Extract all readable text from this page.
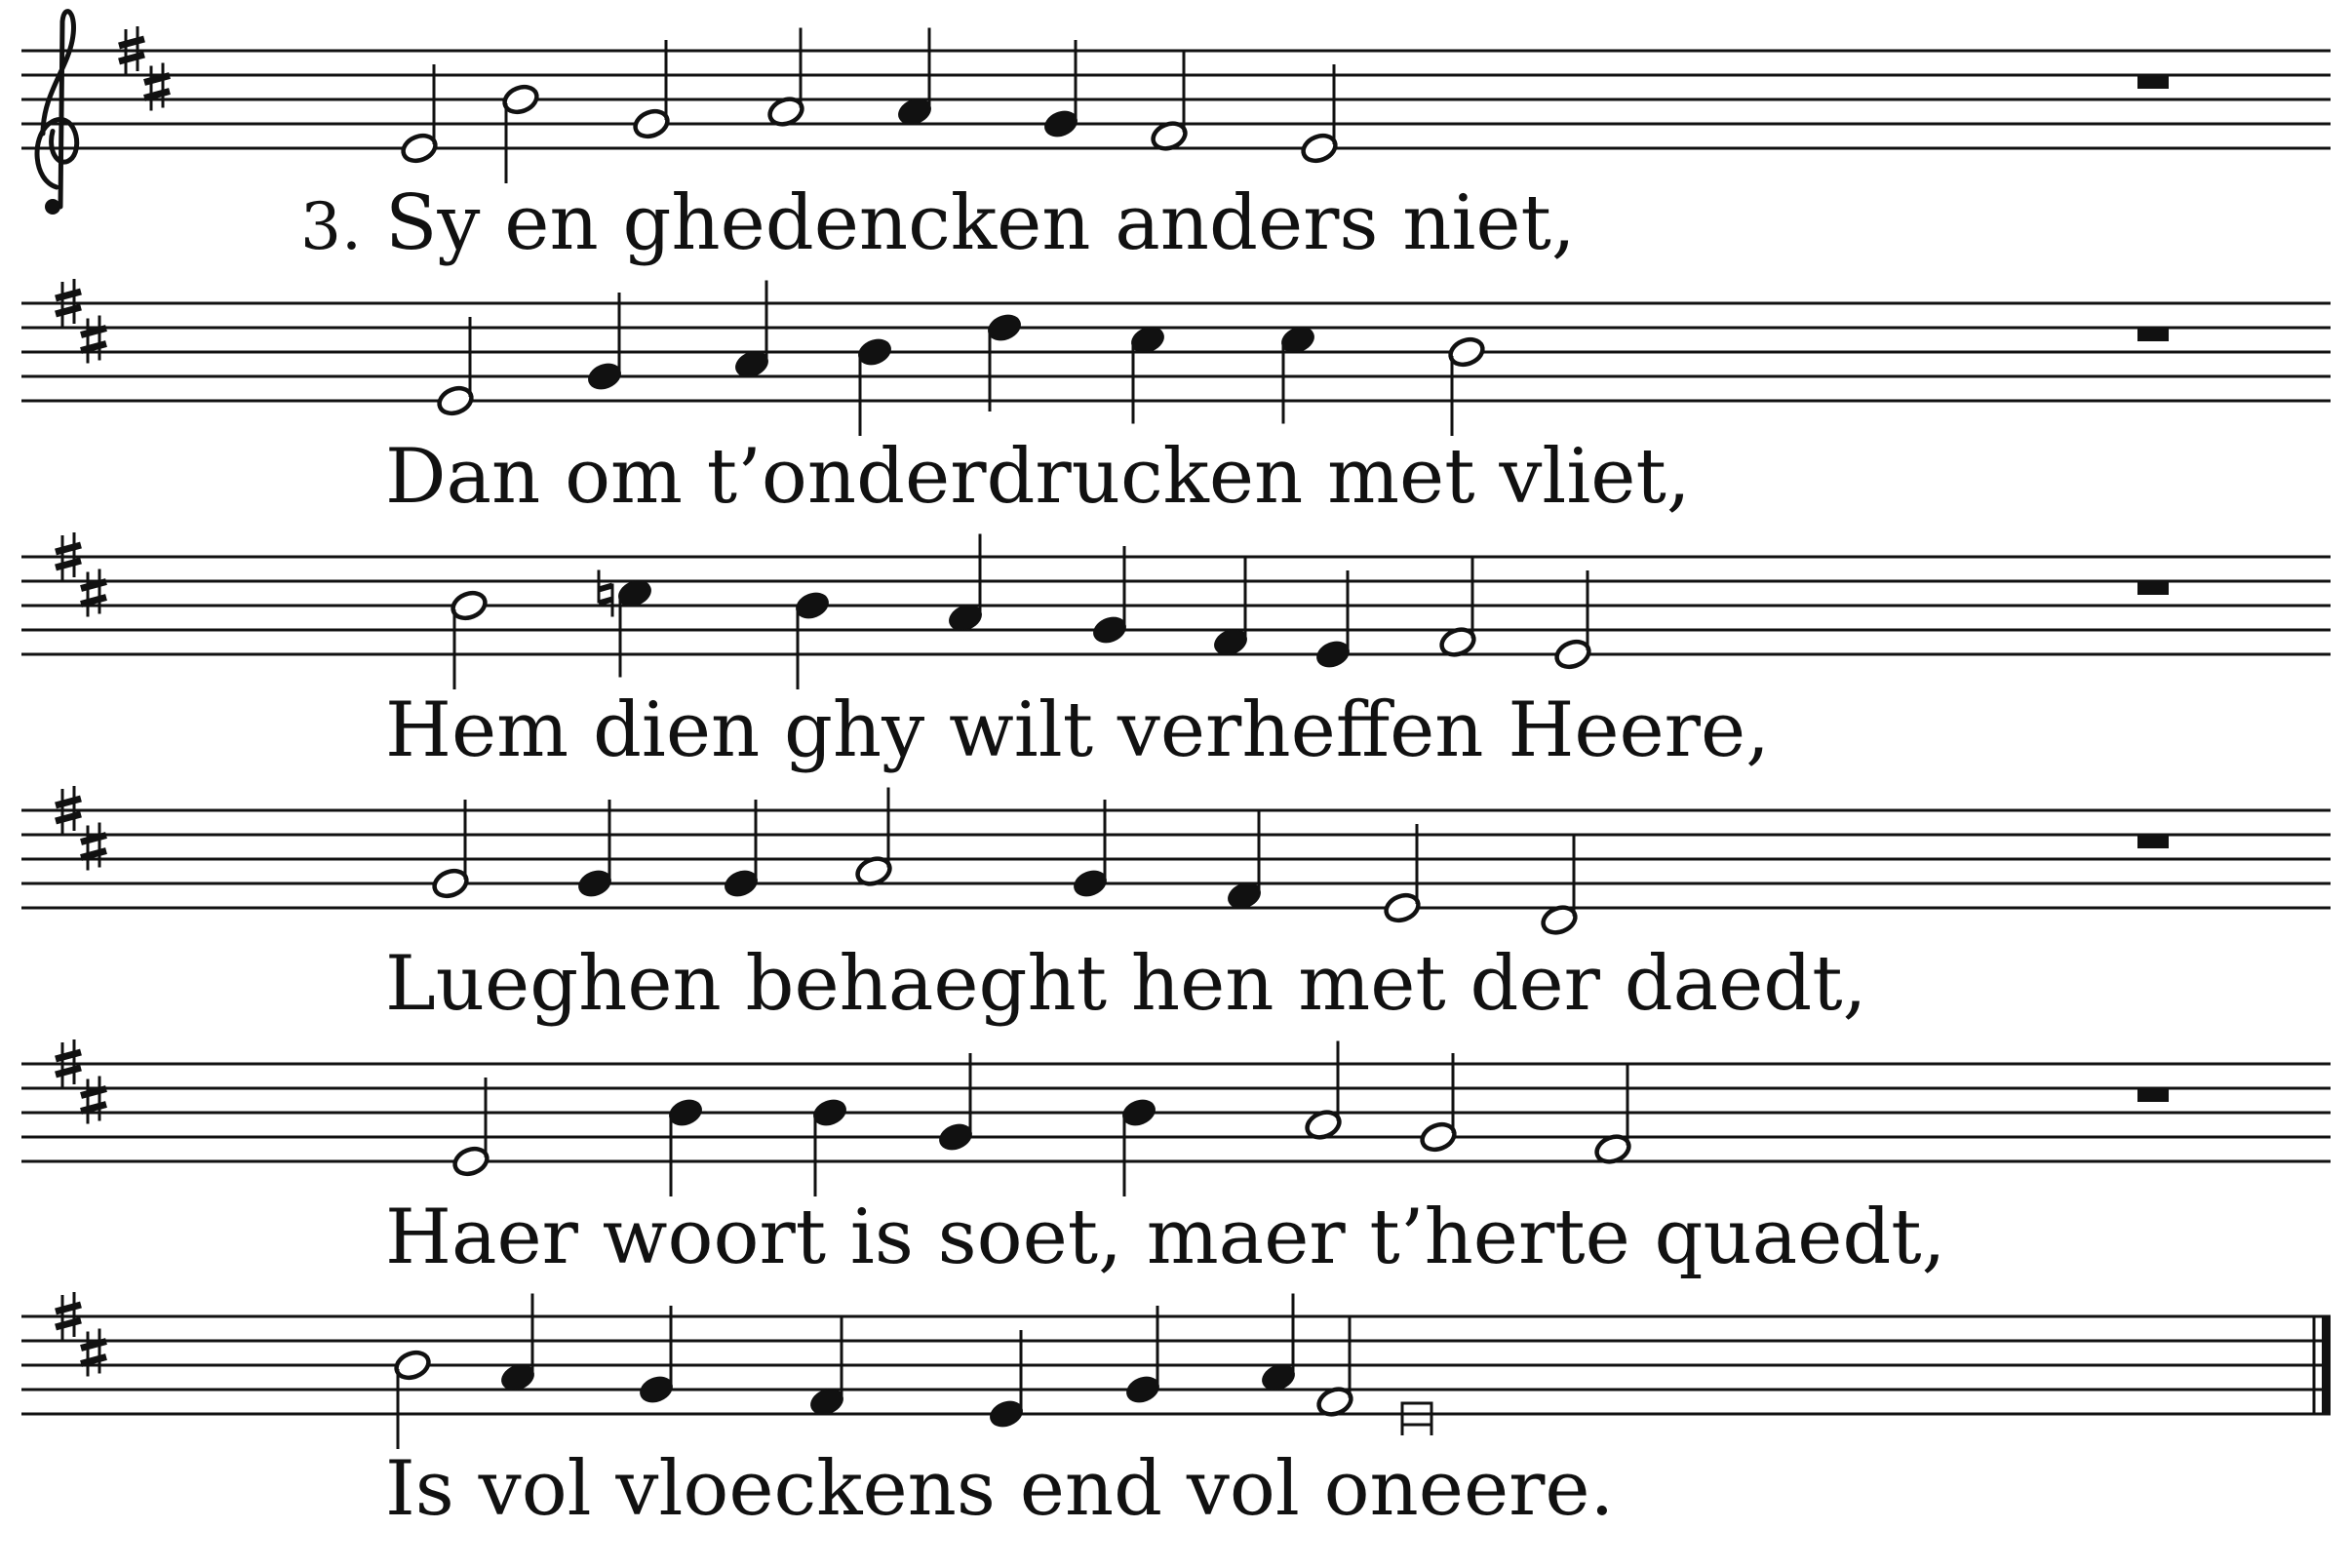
3. Sy en ghedencken anders niet,
Dan om t’onderdrucken met vliet,
Hem dien ghy wilt verheffen Heere,
Lueghen behaeght hen met der daedt,
Haer woort is soet, maer t’herte quaedt,
Is vol vloeckens end vol oneere.
